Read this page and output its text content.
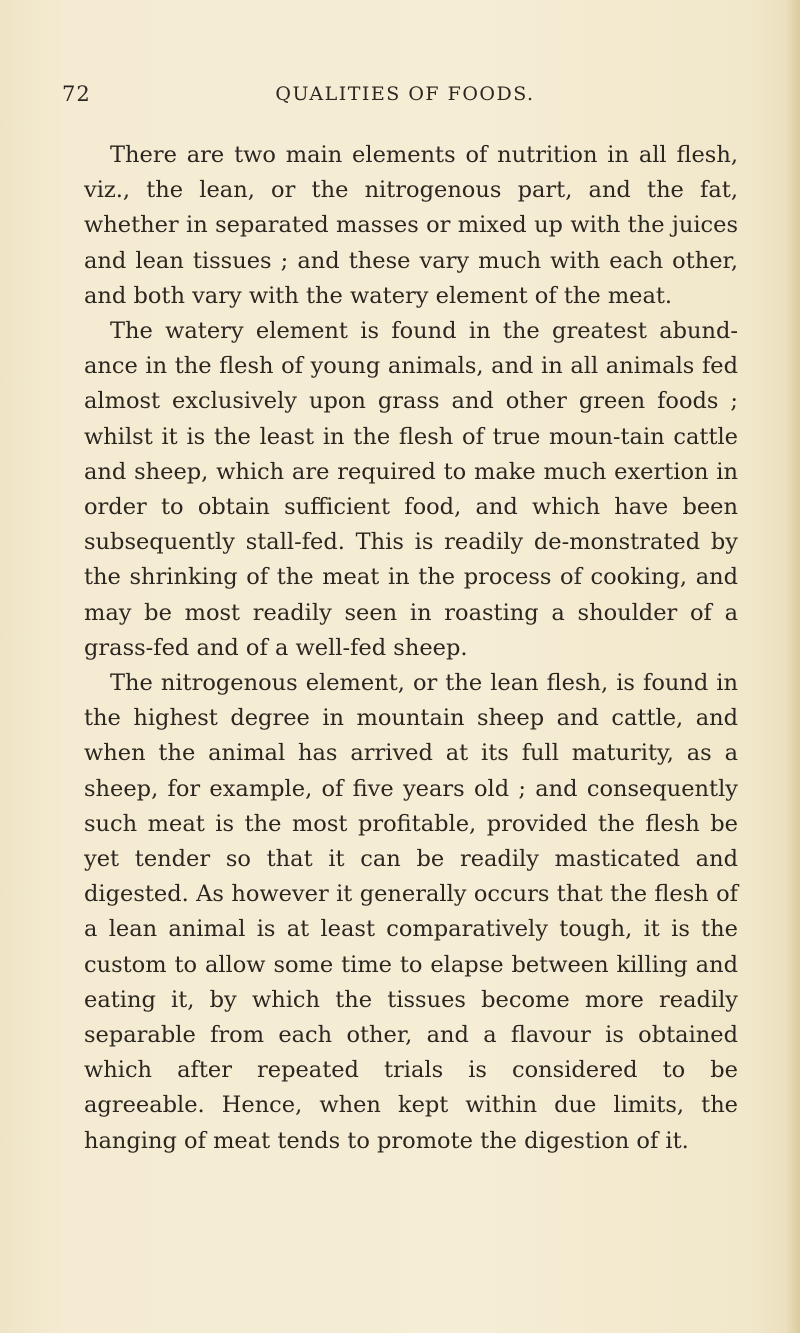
72	QUALITIES OF FOODS.

There are two main elements of nutrition in all flesh, viz., the lean, or the nitrogenous part, and the fat, whether in separated masses or mixed up with the juices and lean tissues ; and these vary much with each other, and both vary with the watery element of the meat.

The watery element is found in the greatest abund-ance in the flesh of young animals, and in all animals fed almost exclusively upon grass and other green foods ; whilst it is the least in the flesh of true moun-tain cattle and sheep, which are required to make much exertion in order to obtain sufficient food, and which have been subsequently stall-fed. This is readily de-monstrated by the shrinking of the meat in the process of cooking, and may be most readily seen in roasting a shoulder of a grass-fed and of a well-fed sheep.

The nitrogenous element, or the lean flesh, is found in the highest degree in mountain sheep and cattle, and when the animal has arrived at its full maturity, as a sheep, for example, of five years old ; and consequently such meat is the most profitable, provided the flesh be yet tender so that it can be readily masticated and digested. As however it generally occurs that the flesh of a lean animal is at least comparatively tough, it is the custom to allow some time to elapse between killing and eating it, by which the tissues become more readily separable from each other, and a flavour is obtained which after repeated trials is considered to be agreeable. Hence, when kept within due limits, the hanging of meat tends to promote the digestion of it.
